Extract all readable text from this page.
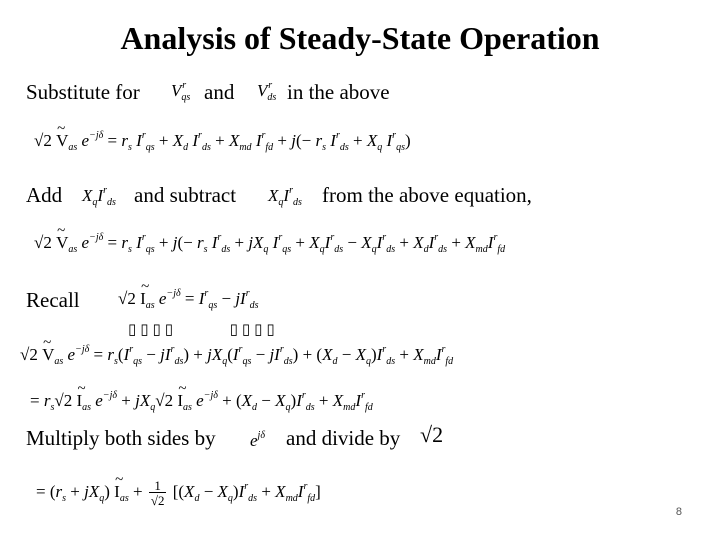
Analysis of Steady-State Operation
Substitute for $V_{qs}^r$ and $V_{ds}^r$ in the above
√2 ~ $V_{as}$ $e^{-j\delta} = r_s$ $I^r_{qs} + X_d$ $I^r_{ds} + X_{md}$ $I^r_{fd} + j(- r_s$ $I^r_{ds} + X_q$ $I^r_{qs}$)
Add $X_qI^r_{ds}$ and subtract $X_qI^r_{ds}$ from the above equation,
√2 ~ $V_{as}$ $e^{-j\delta} = r_s$ $I^r_{qs} + j(- r_s$ $I^r_{ds} + jX_q$ $I^r_{qs} + X_qI^r_{ds} - X_qI^r_{ds} + X_dI^r_{ds} + X_{md}I^r_{fd}$
Recall √2 ~ $I_{as}$ $e^{-j\delta} = I^r_{qs} - jI^r_{ds}$
▯▯▯▯      ▯▯▯▯
√2 ~ $V_{as}$ $e^{-j\delta} = r_s(I^r_{qs} - jI^r_{ds}) + jX_q(I^r_{qs} - jI^r_{ds}) + (X_d - X_q)I^r_{ds} + X_{md}I^r_{fd}$
= $r_s√2$ ~ $I_{as}$ $e^{-j\delta} + jX_q√2$ ~ $I_{as}$ $e^{-j\delta} + (X_d - X_q)I^r_{ds} + X_{md}I^r_{fd}$
Multiply both sides by $e^{j\delta}$ and divide by √2
= $(r_s + jX_q)$ ~ $I_{as} + 1$
√2 $[(X_d - X_q)I^r_{ds} + X_{md}I^r_{fd}]$
8
